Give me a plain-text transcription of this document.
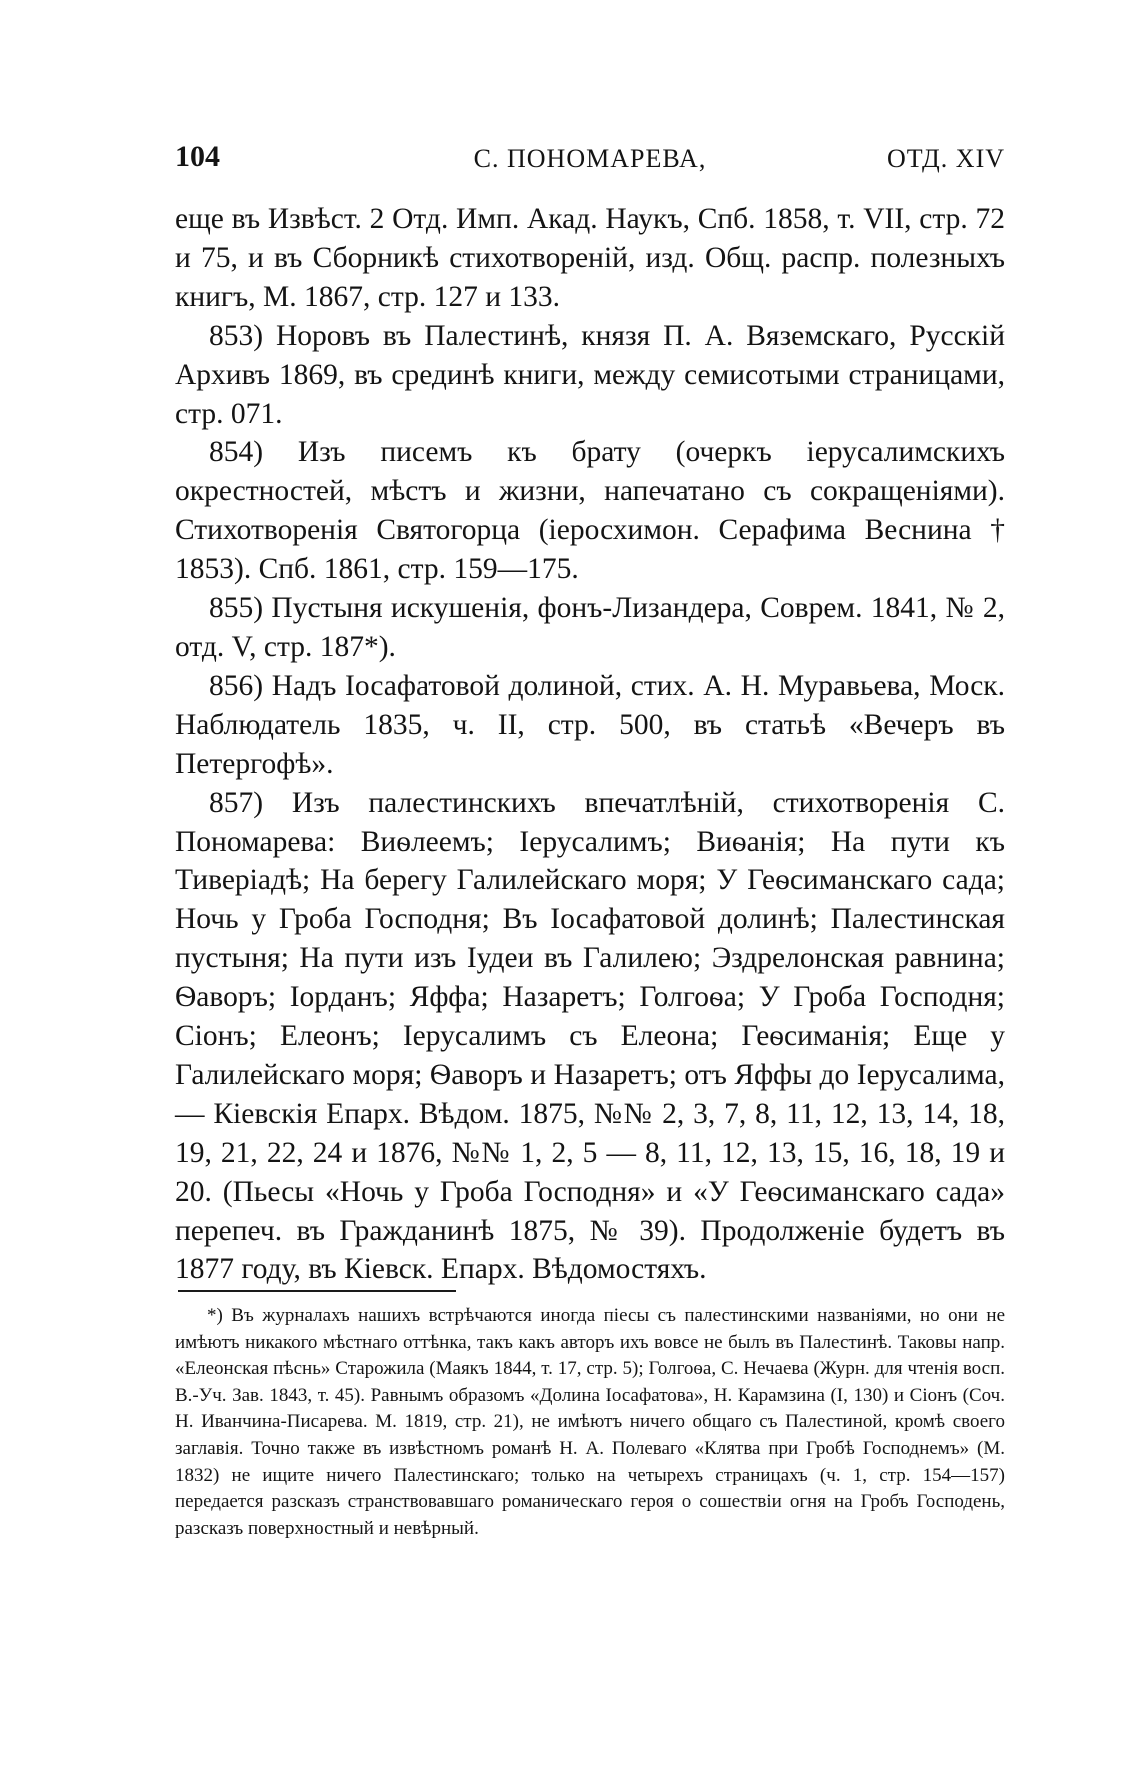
104	С. ПОНОМАРЕВА,	ОТД. XIV

еще въ Извѣст. 2 Отд. Имп. Акад. Наукъ, Спб. 1858, т. VII, стр. 72 и 75, и въ Сборникѣ стихотвореній, изд. Общ. распр. полезныхъ книгъ, М. 1867, стр. 127 и 133.

853) Норовъ въ Палестинѣ, князя П. А. Вяземскаго, Русскій Архивъ 1869, въ срединѣ книги, между семисотыми страницами, стр. 071.

854) Изъ писемъ къ брату (очеркъ іерусалимскихъ окрестностей, мѣстъ и жизни, напечатано съ сокращеніями). Стихотворенія Святогорца (іеросхимон. Серафима Веснина † 1853). Спб. 1861, стр. 159—175.

855) Пустыня искушенія, фонъ-Лизандера, Соврем. 1841, № 2, отд. V, стр. 187*).

856) Надъ Іосафатовой долиной, стих. А. Н. Муравьева, Моск. Наблюдатель 1835, ч. II, стр. 500, въ статьѣ «Вечеръ въ Петергофѣ».

857) Изъ палестинскихъ впечатлѣній, стихотворенія С. Пономарева: Виѳлеемъ; Іерусалимъ; Виѳанія; На пути къ Тиверіадѣ; На берегу Галилейскаго моря; У Геѳсиманскаго сада; Ночь у Гроба Господня; Въ Іосафатовой долинѣ; Палестинская пустыня; На пути изъ Іудеи въ Галилею; Эздрелонская равнина; Ѳаворъ; Іорданъ; Яффа; Назаретъ; Голгоѳа; У Гроба Господня; Сіонъ; Елеонъ; Іерусалимъ съ Елеона; Геѳсиманія; Еще у Галилейскаго моря; Ѳаворъ и Назаретъ; отъ Яффы до Іерусалима,— Кіевскія Епарх. Вѣдом. 1875, №№ 2, 3, 7, 8, 11, 12, 13, 14, 18, 19, 21, 22, 24 и 1876, №№ 1, 2, 5 — 8, 11, 12, 13, 15, 16, 18, 19 и 20. (Пьесы «Ночь у Гроба Господня» и «У Геѳсиманскаго сада» перепеч. въ Гражданинѣ 1875, № 39). Продолженіе будетъ въ 1877 году, въ Кіевск. Епарх. Вѣдомостяхъ.

*) Въ журналахъ нашихъ встрѣчаются иногда піесы съ палестинскими названіями, но они не имѣютъ никакого мѣстнаго оттѣнка, такъ какъ авторъ ихъ вовсе не былъ въ Палестинѣ. Таковы напр. «Елеонская пѣснь» Старожила (Маякъ 1844, т. 17, стр. 5); Голгоѳа, С. Нечаева (Журн. для чтенія восп. В.-Уч. Зав. 1843, т. 45). Равнымъ образомъ «Долина Іосафатова», Н. Карамзина (I, 130) и Сіонъ (Соч. Н. Иванчина-Писарева. М. 1819, стр. 21), не имѣютъ ничего общаго съ Палестиной, кромѣ своего заглавія. Точно также въ извѣстномъ романѣ Н. А. Полеваго «Клятва при Гробѣ Господнемъ» (М. 1832) не ищите ничего Палестинскаго; только на четырехъ страницахъ (ч. 1, стр. 154—157) передается разсказъ странствовавшаго романическаго героя о сошествіи огня на Гробъ Господень, разсказъ поверхностный и невѣрный.
